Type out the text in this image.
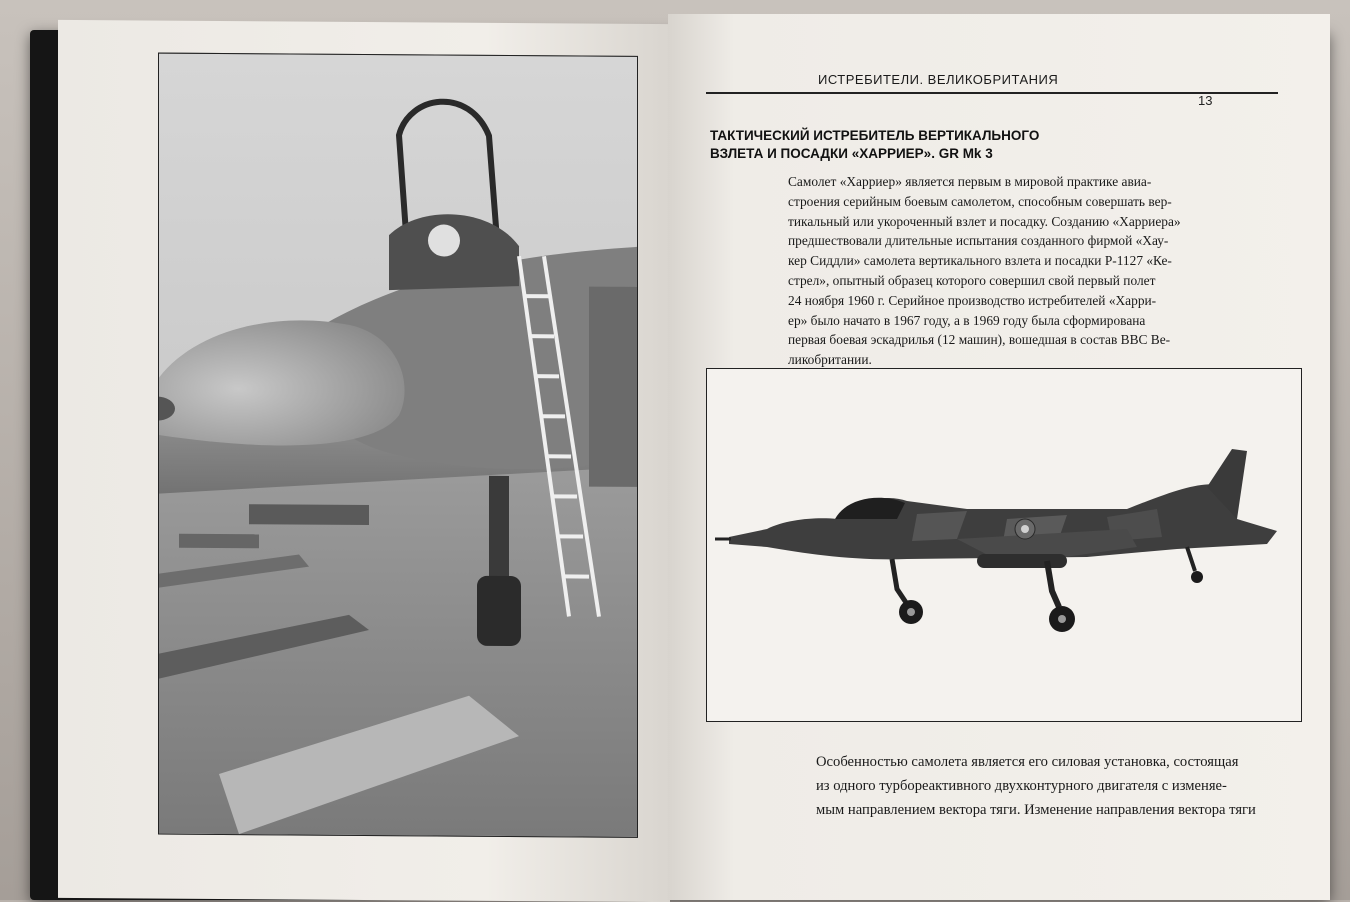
ИСТРЕБИТЕЛИ. ВЕЛИКОБРИТАНИЯ
13
ТАКТИЧЕСКИЙ ИСТРЕБИТЕЛЬ ВЕРТИКАЛЬНОГО
ВЗЛЕТА И ПОСАДКИ «ХАРРИЕР». GR Mk 3
Самолет «Харриер» является первым в мировой практике авиа-
строения серийным боевым самолетом, способным совершать вер-
тикальный или укороченный взлет и посадку. Созданию «Харриера»
предшествовали длительные испытания созданного фирмой «Хау-
кер Сиддли» самолета вертикального взлета и посадки Р-1127 «Ке-
стрел», опытный образец которого совершил свой первый полет
24 ноября 1960 г. Серийное производство истребителей «Харри-
ер» было начато в 1967 году, а в 1969 году была сформирована
первая боевая эскадрилья (12 машин), вошедшая в состав ВВС Ве-
ликобритании.
Особенностью самолета является его силовая установка, состоящая
из одного турбореактивного двухконтурного двигателя с изменяе-
мым направлением вектора тяги. Изменение направления вектора тяги
